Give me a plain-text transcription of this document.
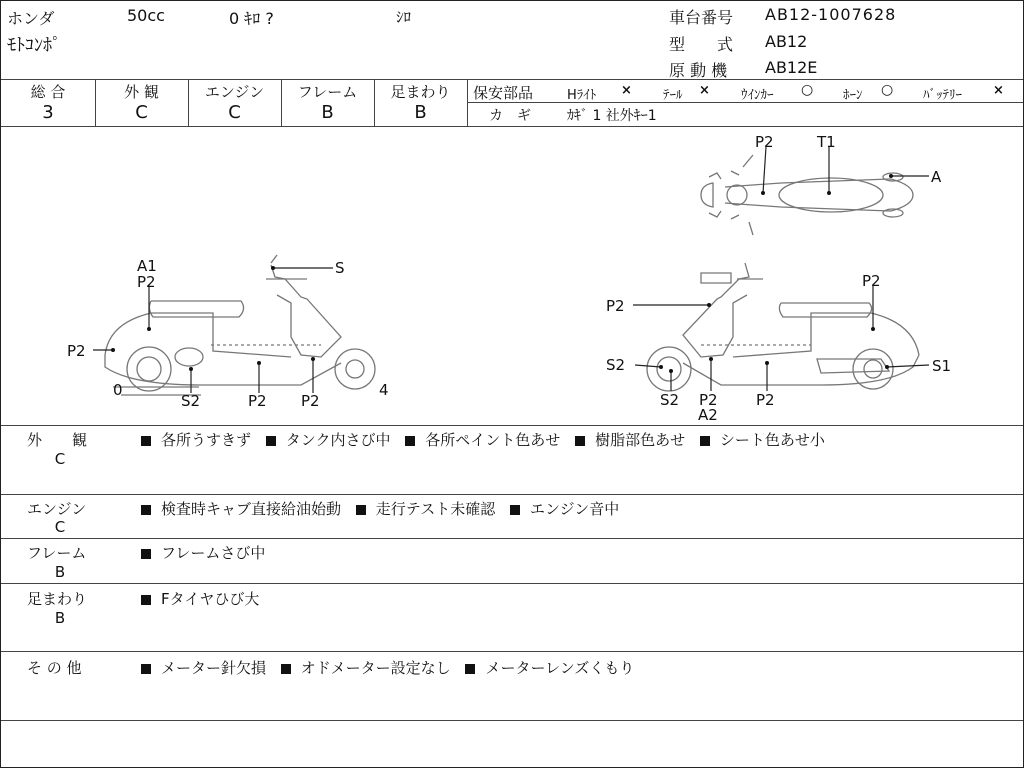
ホンダ	50cc	0 ｷﾛ ?	ｼﾛ
ﾓﾄｺﾝﾎﾟ
車台番号 AB12-1007628
型　　式 AB12
原 動 機 AB12E
総 合
3
外 観
C
エンジン
C
フレーム
B
足まわり
B
保安部品	Hﾗｲﾄ × ﾃｰﾙ × ｳｲﾝｶｰ ○ ﾎｰﾝ ○ ﾊﾞｯﾃﾘｰ ×
カ　ギ	ｶｷﾞ 1 社外ｷｰ1
P2	T1
A
A1
P2
S
P2
0
S2	P2 P2
4
P2
P2
S2	S1
S2 P2
A2
P2
外　　観
C
各所うすきず タンク内さび中 各所ペイント色あせ 樹脂部色あせ シート色あせ小
エンジン
C
検査時キャブ直接給油始動 走行テスト未確認 エンジン音中
フレーム
B
フレームさび中
足まわり
B
Fタイヤひび大
そ の 他	メーター針欠損 オドメーター設定なし メーターレンズくもり
